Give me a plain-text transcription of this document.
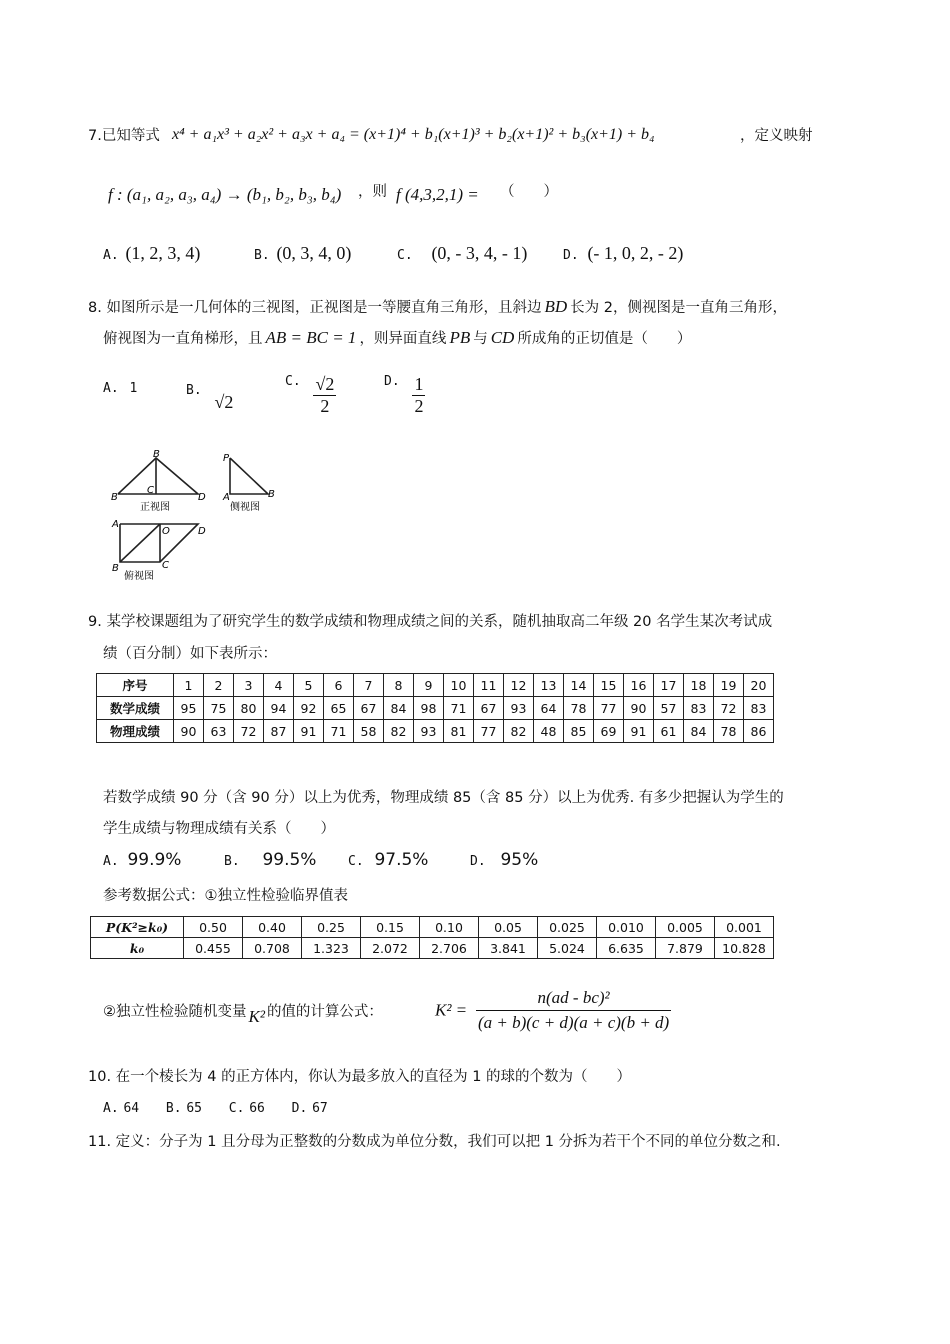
7.已知等式 x⁴ + a₁x³ + a₂x² + a₃x + a₄ = (x+1)⁴ + b₁(x+1)³ + b₂(x+1)² + b₃(x+1) + b₄	，定义映射
f : (a₁, a₂, a₃, a₄) → (b₁, b₂, b₃, b₄) ，则 f (4,3,2,1) = （　　）
A. (1, 2, 3, 4)	B. (0, 3, 4, 0)	C. (0, - 3, 4, - 1)	D. (- 1, 0, 2, - 2)
8. 如图所示是一几何体的三视图，正视图是一等腰直角三角形，且斜边 BD 长为 2，侧视图是一直角三角形，
俯视图为一直角梯形，且 AB = BC = 1 ，则异面直线 PB 与 CD 所成角的正切值是（　　）
A. 1	B. √2
C. $\frac{√2}{2}$	D. $\frac{1}{2}$
B
B
C
D
正视图
P
A	B
侧视图
A
O	D
B	C
俯视图
9. 某学校课题组为了研究学生的数学成绩和物理成绩之间的关系，随机抽取高二年级 20 名学生某次考试成
绩（百分制）如下表所示：
序号	1	2	3	4	5	6	7	8	9	10	11	12	13	14	15	16	17	18	19	20
数学成绩	95	75	80	94	92	65	67	84	98	71	67	93	64	78	77	90	57	83	72	83
物理成绩	90	63	72	87	91	71	58	82	93	81	77	82	48	85	69	91	61	84	78	86
若数学成绩 90 分（含 90 分）以上为优秀，物理成绩 85（含 85 分）以上为优秀. 有多少把握认为学生的
学生成绩与物理成绩有关系（　　）
A. 99.9%	B. 99.5% C. 97.5%	D. 95%
参考数据公式：①独立性检验临界值表
P(K²≥k₀)	0.50	0.40	0.25	0.15	0.10	0.05	0.025	0.010	0.005	0.001
k₀	0.455	0.708	1.323	2.072	2.706	3.841	5.024	6.635	7.879	10.828
②独立性检验随机变量 K² 的值的计算公式：	$K^2 = \frac{\text{n(ad - bc)²}}{(a + b)(c + d)(a + c)(b + d)}$
10. 在一个棱长为 4 的正方体内，你认为最多放入的直径为 1 的球的个数为（　　）
A. 64 B. 65 C. 66 D. 67
11. 定义：分子为 1 且分母为正整数的分数成为单位分数，我们可以把 1 分拆为若干个不同的单位分数之和.
